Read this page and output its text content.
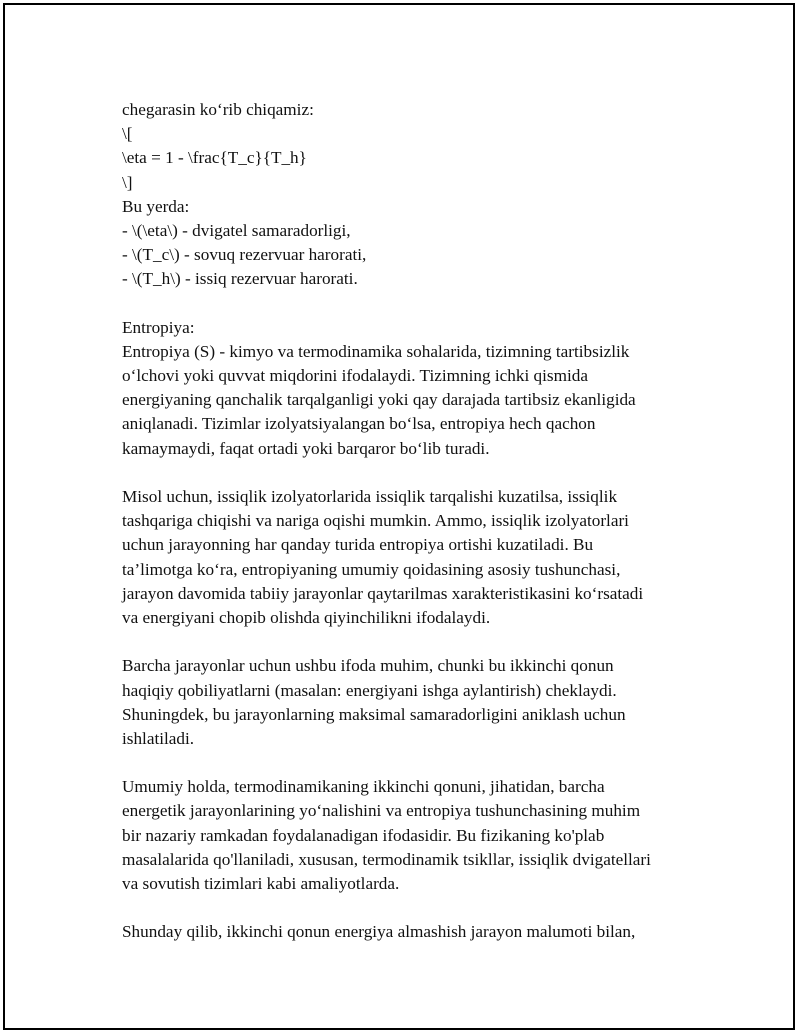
chegarasin ko‘rib chiqamiz:
\[
\eta = 1 - \frac{T_c}{T_h}
\]
Bu yerda:
- \(\eta\) - dvigatel samaradorligi,
- \(T_c\) - sovuq rezervuar harorati,
- \(T_h\) - issiq rezervuar harorati.
Entropiya:
Entropiya (S) - kimyo va termodinamika sohalarida, tizimning tartibsizlik
o‘lchovi yoki quvvat miqdorini ifodalaydi. Tizimning ichki qismida
energiyaning qanchalik tarqalganligi yoki qay darajada tartibsiz ekanligida
aniqlanadi. Tizimlar izolyatsiyalangan bo‘lsa, entropiya hech qachon
kamaymaydi, faqat ortadi yoki barqaror bo‘lib turadi.
Misol uchun, issiqlik izolyatorlarida issiqlik tarqalishi kuzatilsa, issiqlik
tashqariga chiqishi va nariga oqishi mumkin. Ammo, issiqlik izolyatorlari
uchun jarayonning har qanday turida entropiya ortishi kuzatiladi. Bu
ta’limotga ko‘ra, entropiyaning umumiy qoidasining asosiy tushunchasi,
jarayon davomida tabiiy jarayonlar qaytarilmas xarakteristikasini ko‘rsatadi
va energiyani chopib olishda qiyinchilikni ifodalaydi.
Barcha jarayonlar uchun ushbu ifoda muhim, chunki bu ikkinchi qonun
haqiqiy qobiliyatlarni (masalan: energiyani ishga aylantirish) cheklaydi.
Shuningdek, bu jarayonlarning maksimal samaradorligini aniklash uchun
ishlatiladi.
Umumiy holda, termodinamikaning ikkinchi qonuni, jihatidan, barcha
energetik jarayonlarining yo‘nalishini va entropiya tushunchasining muhim
bir nazariy ramkadan foydalanadigan ifodasidir. Bu fizikaning ko'plab
masalalarida qo'llaniladi, xususan, termodinamik tsikllar, issiqlik dvigatellari
va sovutish tizimlari kabi amaliyotlarda.
Shunday qilib, ikkinchi qonun energiya almashish jarayon malumoti bilan,
